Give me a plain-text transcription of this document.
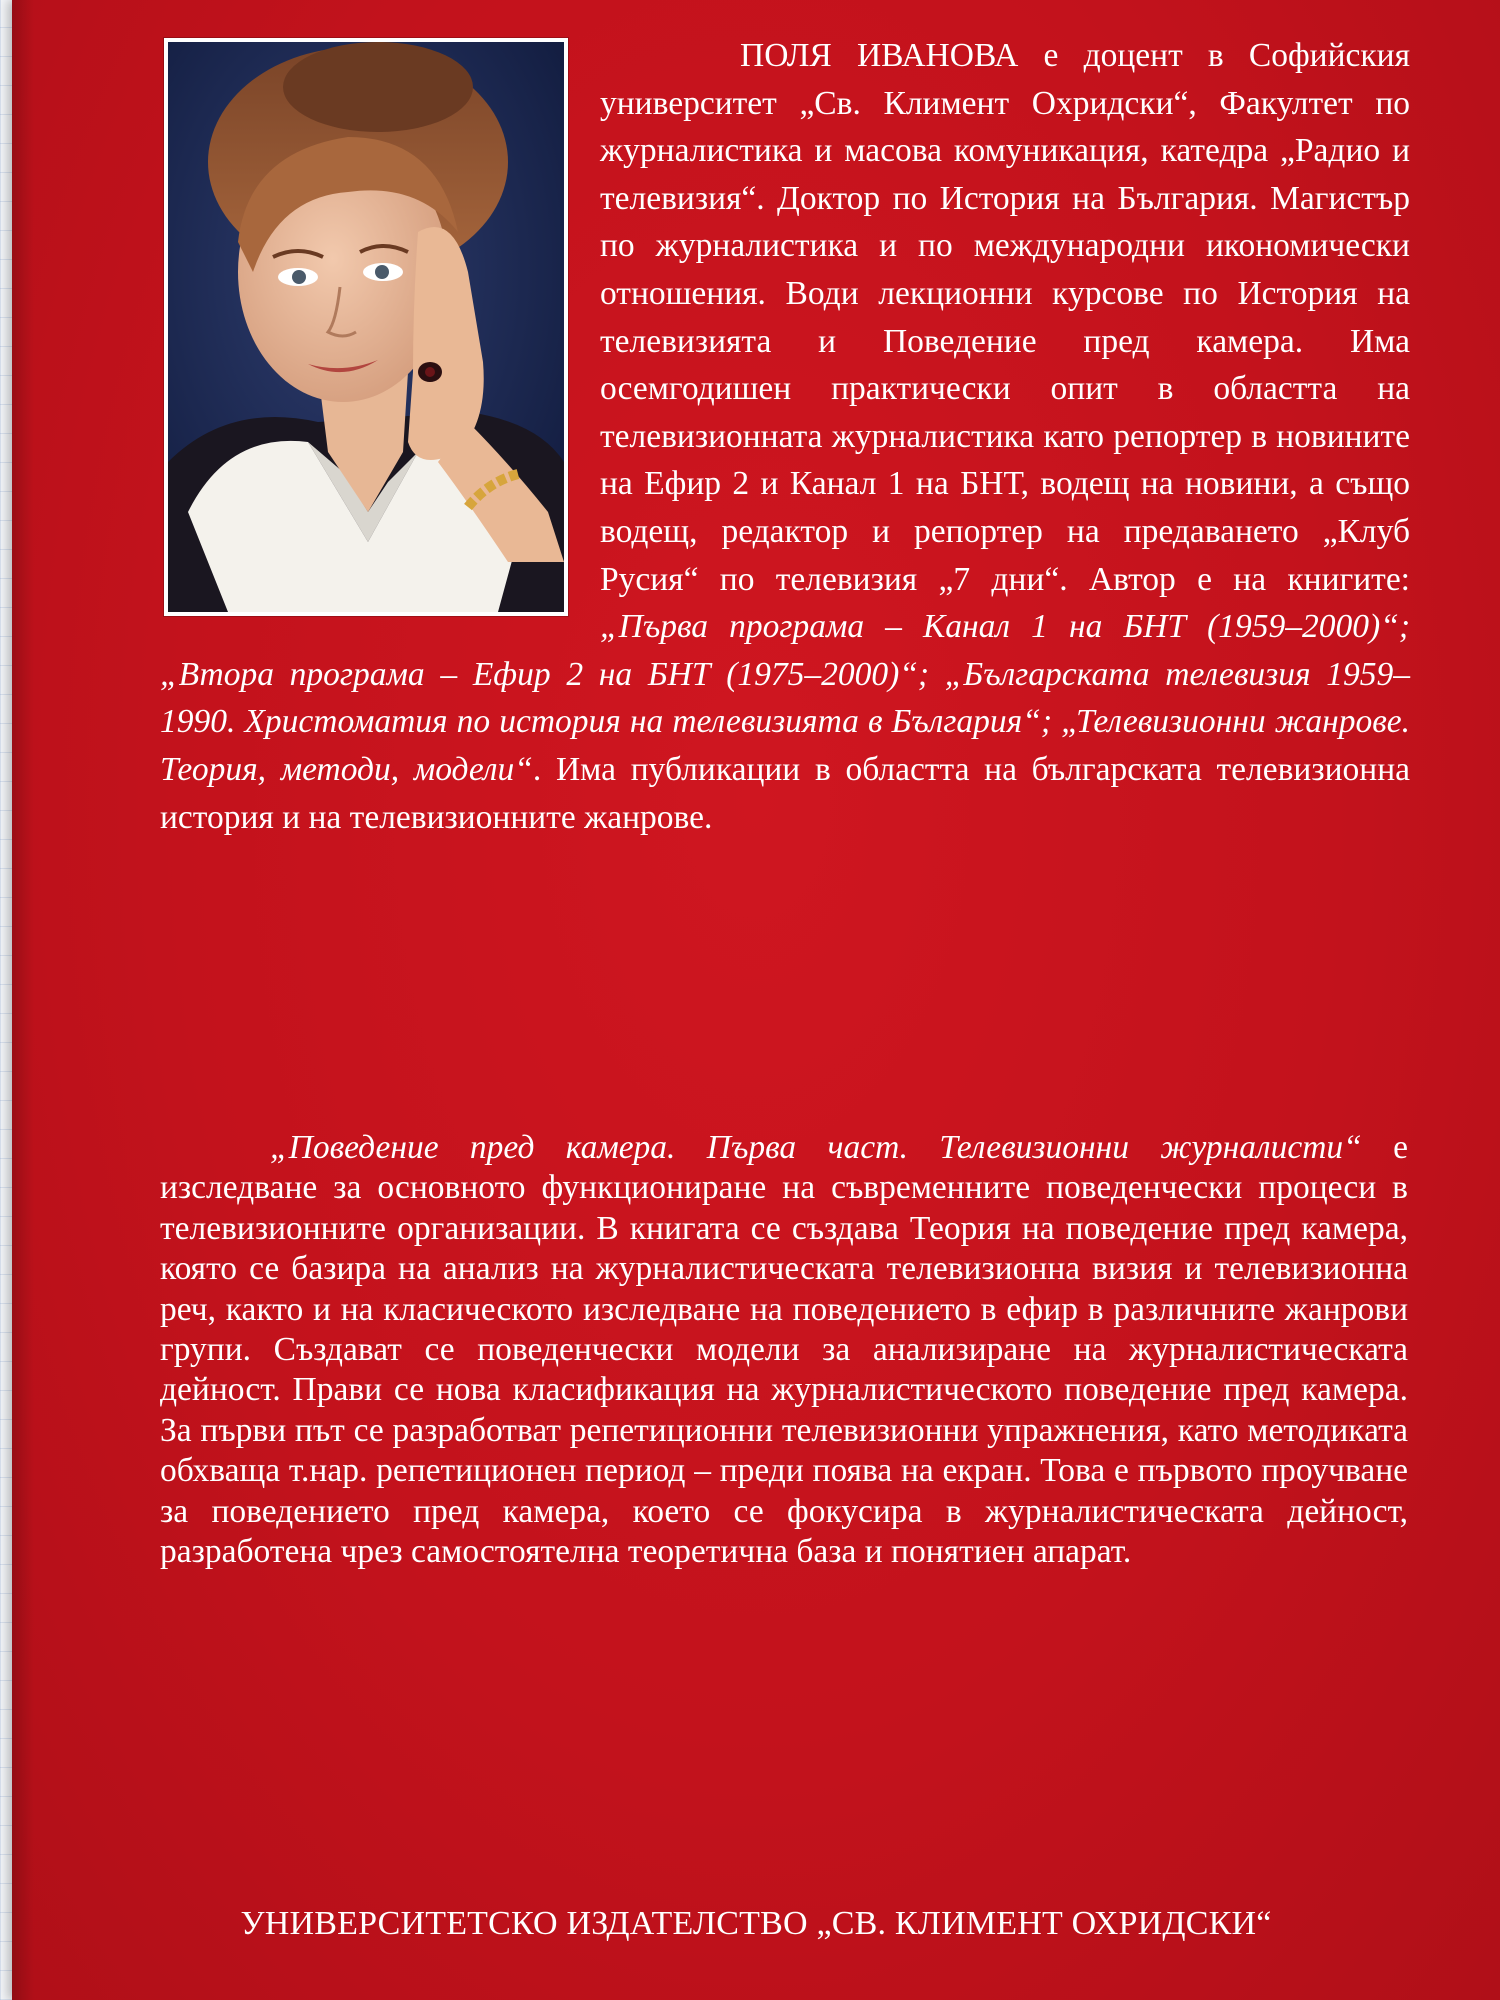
ПОЛЯ ИВАНОВА е доцент в Софийския университет „Св. Климент Охридски“, Факултет по журналистика и масова комуникация, катедра „Радио и телевизия“. Доктор по История на България. Магистър по журналистика и по международни икономически отношения. Води лекционни курсове по История на телевизията и Поведение пред камера. Има осемгодишен практически опит в областта на телевизионната журналистика като репортер в новините на Ефир 2 и Канал 1 на БНТ, водещ на новини, а също водещ, редактор и репортер на предаването „Клуб Русия“ по телевизия „7 дни“. Автор е на книгите: „Първа програма – Канал 1 на БНТ (1959–2000)“; „Втора програма – Ефир 2 на БНТ (1975–2000)“; „Българската телевизия 1959–1990. Христоматия по история на телевизията в България“; „Телевизионни жанрове. Теория, методи, модели“. Има публикации в областта на българската телевизионна история и на телевизионните жанрове.

„Поведение пред камера. Първа част. Телевизионни журналисти“ е изследване за основното функциониране на съвременните поведенчески процеси в телевизионните организации. В книгата се създава Теория на поведение пред камера, която се базира на анализ на журналистическата телевизионна визия и телевизионна реч, както и на класическото изследване на поведението в ефир в различните жанрови групи. Създават се поведенчески модели за анализиране на журналистическата дейност. Прави се нова класификация на журналистическото поведение пред камера. За първи път се разработват репетиционни телевизионни упражнения, като методиката обхваща т.нар. репетиционен период – преди поява на екран. Това е първото проучване за поведението пред камера, което се фокусира в журналистическата дейност, разработена чрез самостоятелна теоретична база и понятиен апарат.

УНИВЕРСИТЕТСКО ИЗДАТЕЛСТВО „СВ. КЛИМЕНТ ОХРИДСКИ“
